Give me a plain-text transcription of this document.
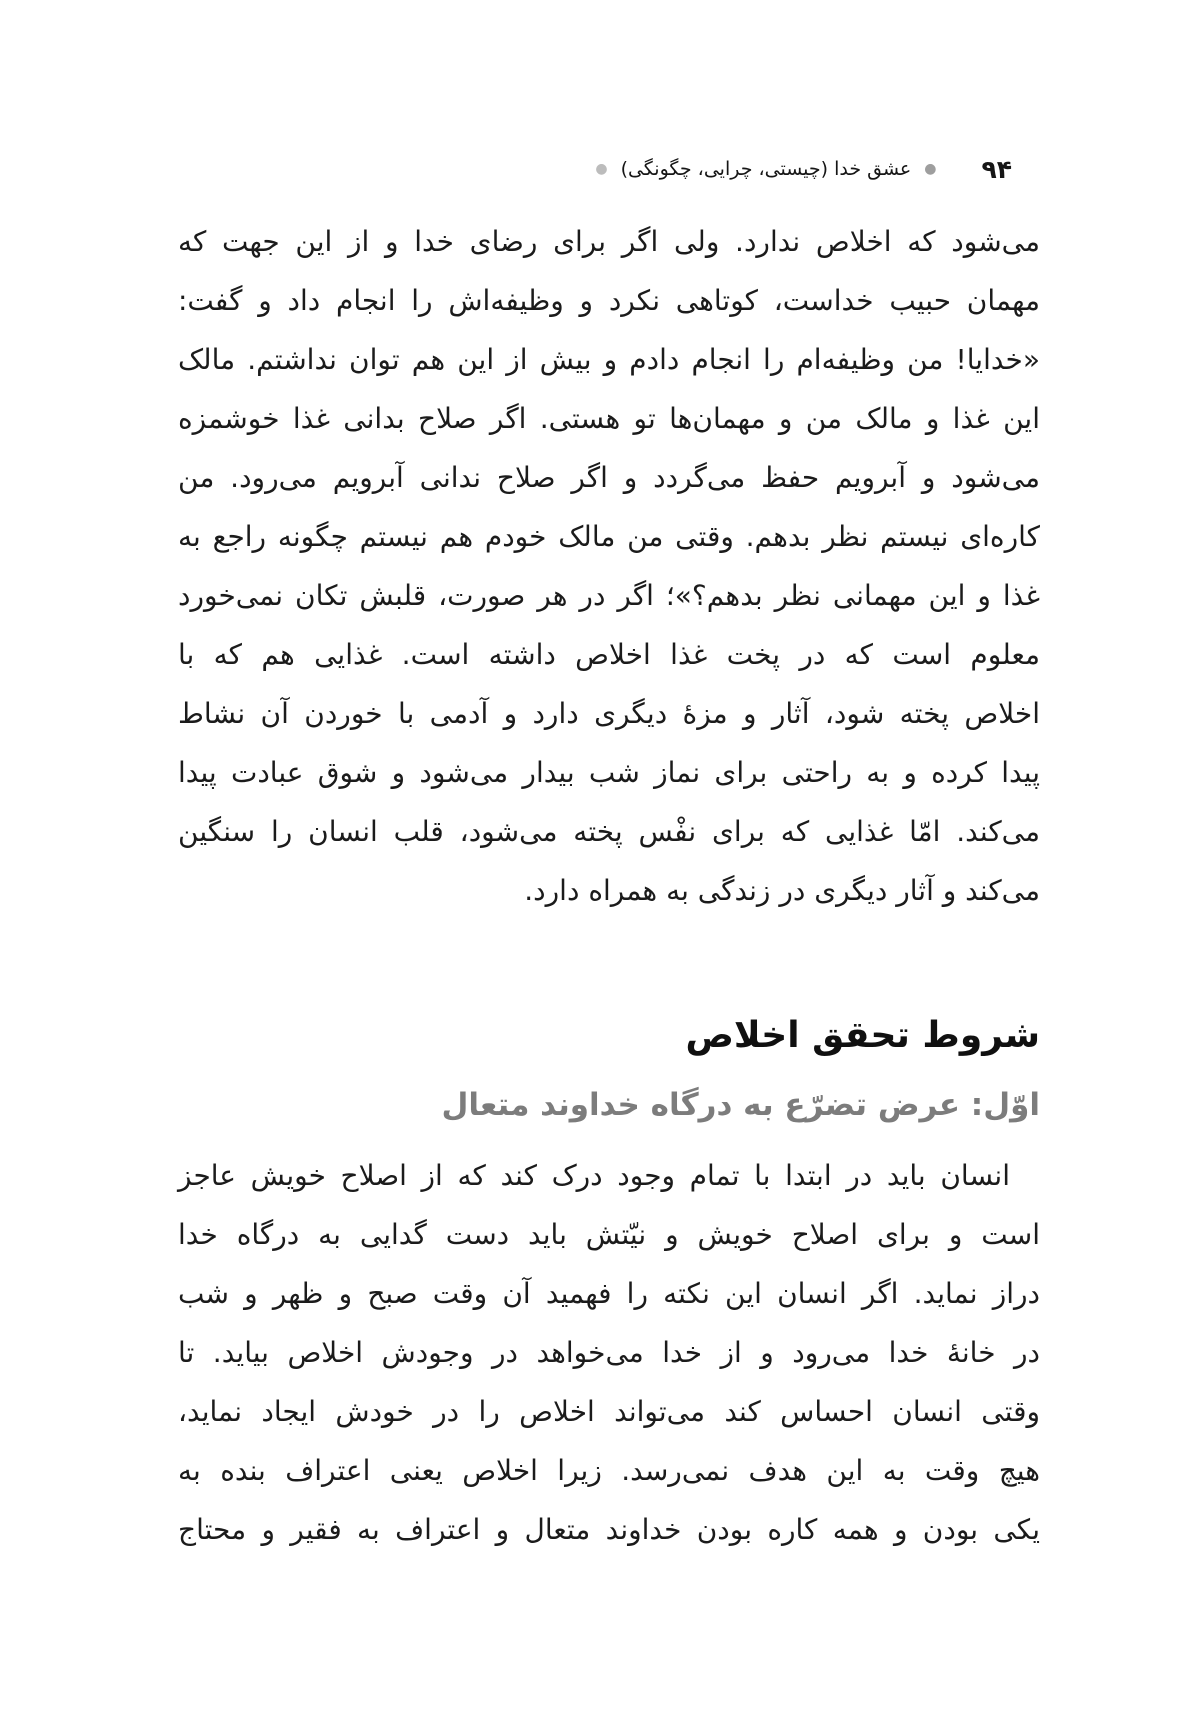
۹۴
●
عشق خدا (چیستی، چرایی، چگونگی)
●
می‌شود که اخلاص ندارد. ولی اگر برای رضای خدا و از این جهت که
مهمان حبیب خداست، کوتاهی نکرد و وظیفه‌اش را انجام داد و گفت:
«خدایا! من وظیفه‌ام را انجام دادم و بیش از این هم توان نداشتم. مالک
این غذا و مالک من و مهمان‌ها تو هستی. اگر صلاح بدانی غذا خوشمزه
می‌شود و آبرویم حفظ می‌گردد و اگر صلاح ندانی آبرویم می‌رود. من
کاره‌ای نیستم نظر بدهم. وقتی من مالک خودم هم نیستم چگونه راجع به
غذا و این مهمانی نظر بدهم؟»؛ اگر در هر صورت، قلبش تکان نمی‌خورد
معلوم است که در پخت غذا اخلاص داشته است. غذایی هم که با
اخلاص پخته شود، آثار و مزهٔ دیگری دارد و آدمی با خوردن آن نشاط
پیدا کرده و به راحتی برای نماز شب بیدار می‌شود و شوق عبادت پیدا
می‌کند. امّا غذایی که برای نفْس پخته می‌شود، قلب انسان را سنگین
می‌کند و آثار دیگری در زندگی به همراه دارد.
شروط تحقق اخلاص
اوّل: عرض تضرّع به درگاه خداوند متعال
انسان باید در ابتدا با تمام وجود درک کند که از اصلاح خویش عاجز
است و برای اصلاح خویش و نیّتش باید دست گدایی به درگاه خدا
دراز نماید. اگر انسان این نکته را فهمید آن وقت صبح و ظهر و شب
در خانهٔ خدا می‌رود و از خدا می‌خواهد در وجودش اخلاص بیاید. تا
وقتی انسان احساس کند می‌تواند اخلاص را در خودش ایجاد نماید،
هیچ وقت به این هدف نمی‌رسد. زیرا اخلاص یعنی اعتراف بنده به
یکی بودن و همه کاره بودن خداوند متعال و اعتراف به فقیر و محتاج
